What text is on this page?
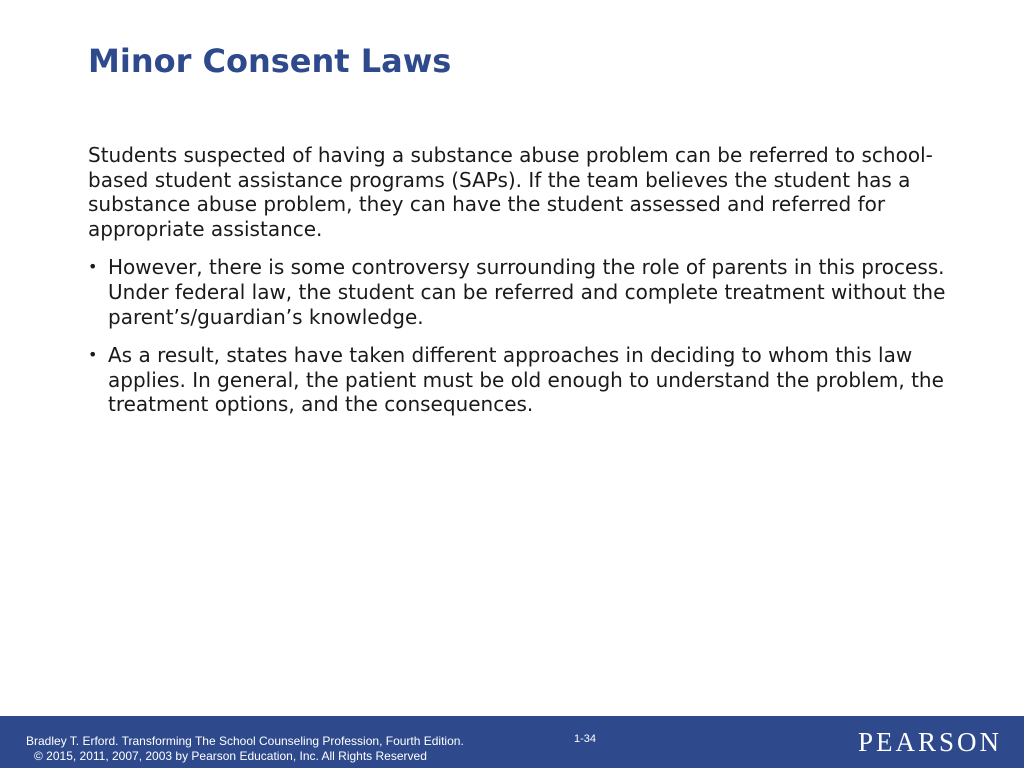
Minor Consent Laws

Students suspected of having a substance abuse problem can be referred to school-based student assistance programs (SAPs). If the team believes the student has a substance abuse problem, they can have the student assessed and referred for appropriate assistance.

• However, there is some controversy surrounding the role of parents in this process. Under federal law, the student can be referred and complete treatment without the parent’s/guardian’s knowledge.
• As a result, states have taken different approaches in deciding to whom this law applies. In general, the patient must be old enough to understand the problem, the treatment options, and the consequences.
Bradley T. Erford. Transforming The School Counseling Profession, Fourth Edition.
© 2015, 2011, 2007, 2003 by Pearson Education, Inc. All Rights Reserved
1-34	PEARSON
